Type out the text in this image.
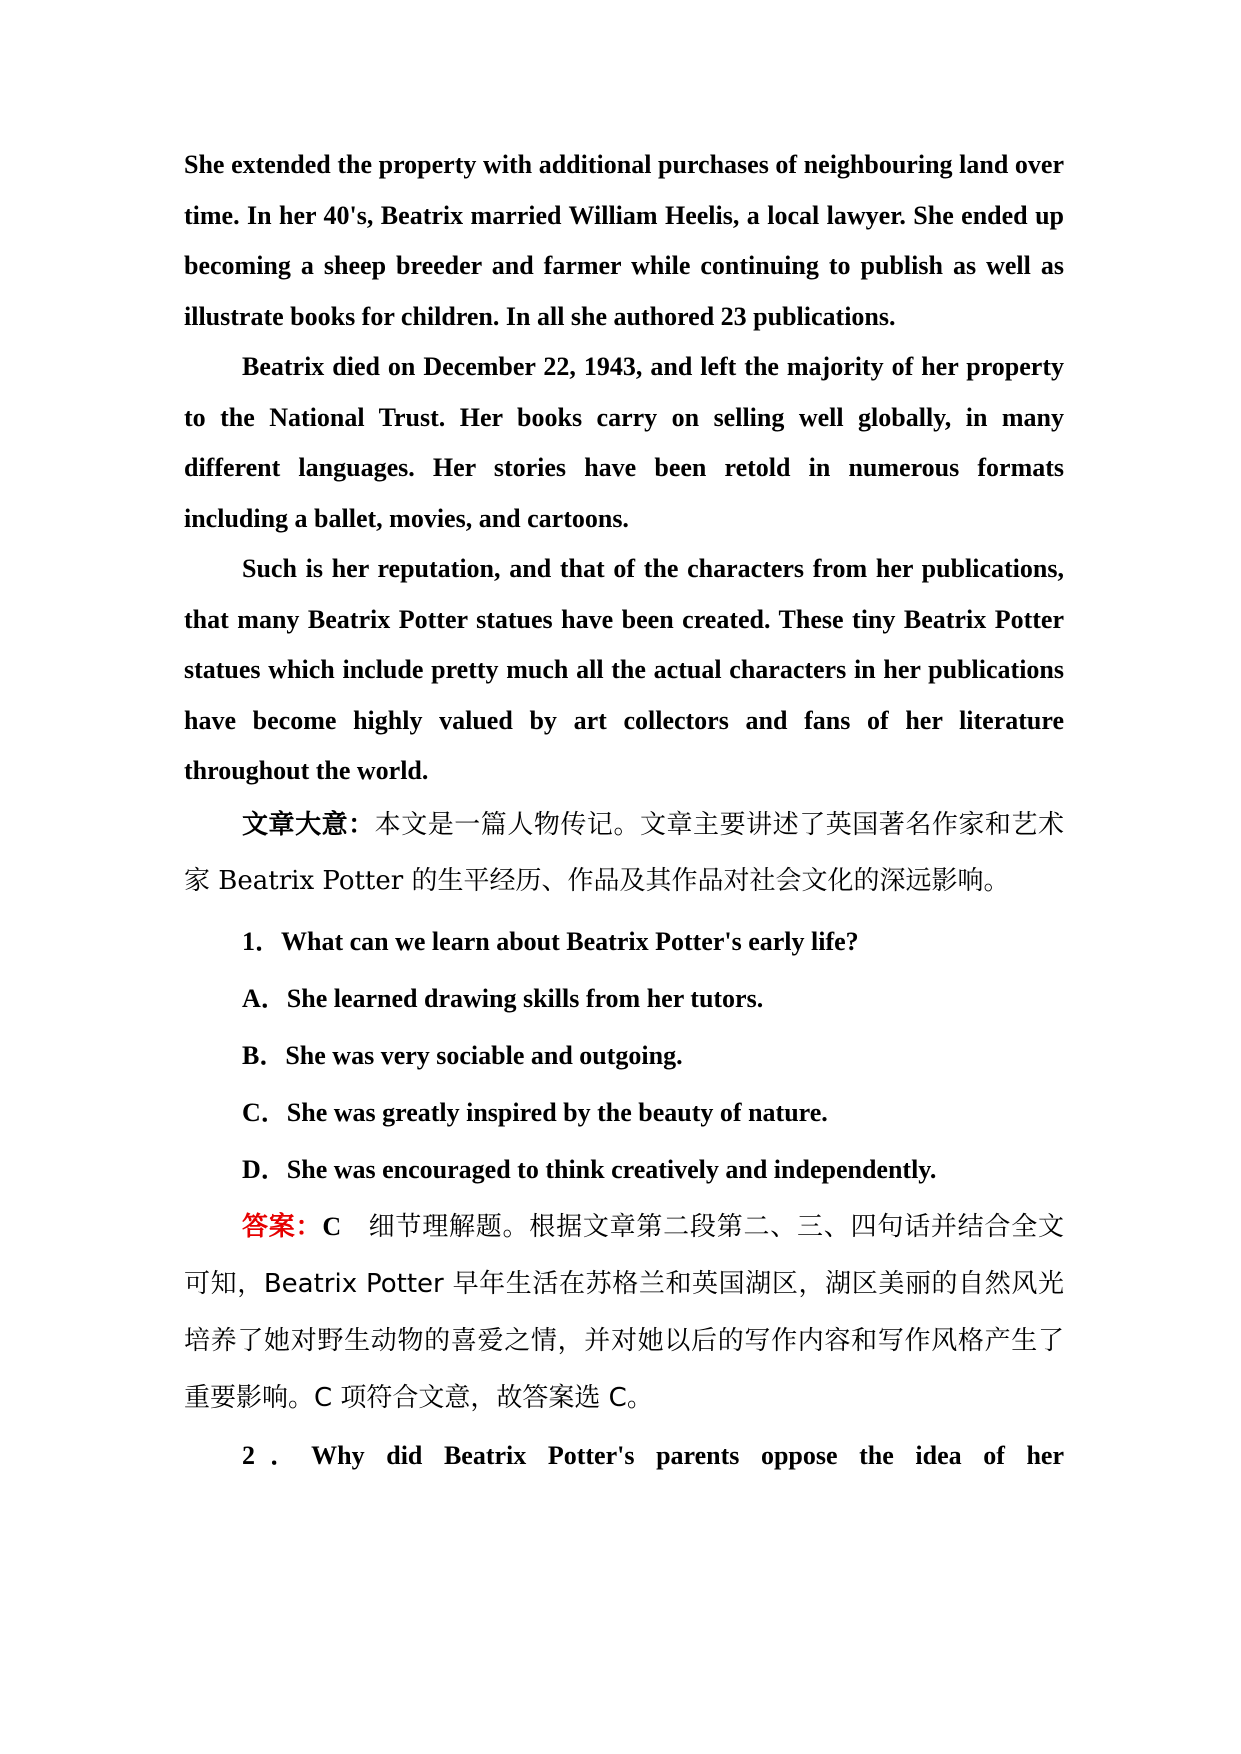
She extended the property with additional purchases of neighbouring land over time. In her 40's, Beatrix married William Heelis, a local lawyer. She ended up becoming a sheep breeder and farmer while continuing to publish as well as illustrate books for children. In all she authored 23 publications.

Beatrix died on December 22, 1943, and left the majority of her property to the National Trust. Her books carry on selling well globally, in many different languages. Her stories have been retold in numerous formats including a ballet, movies, and cartoons.

Such is her reputation, and that of the characters from her publications, that many Beatrix Potter statues have been created. These tiny Beatrix Potter statues which include pretty much all the actual characters in her publications have become highly valued by art collectors and fans of her literature throughout the world.

文章大意：本文是一篇人物传记。文章主要讲述了英国著名作家和艺术家 Beatrix Potter 的生平经历、作品及其作品对社会文化的深远影响。

1．What can we learn about Beatrix Potter's early life?

A．She learned drawing skills from her tutors.

B．She was very sociable and outgoing.

C．She was greatly inspired by the beauty of nature.

D．She was encouraged to think creatively and independently.

答案：C　细节理解题。根据文章第二段第二、三、四句话并结合全文可知，Beatrix Potter 早年生活在苏格兰和英国湖区，湖区美丽的自然风光培养了她对野生动物的喜爱之情，并对她以后的写作内容和写作风格产生了重要影响。C 项符合文意，故答案选 C。

2．Why did Beatrix Potter's parents oppose the idea of her
